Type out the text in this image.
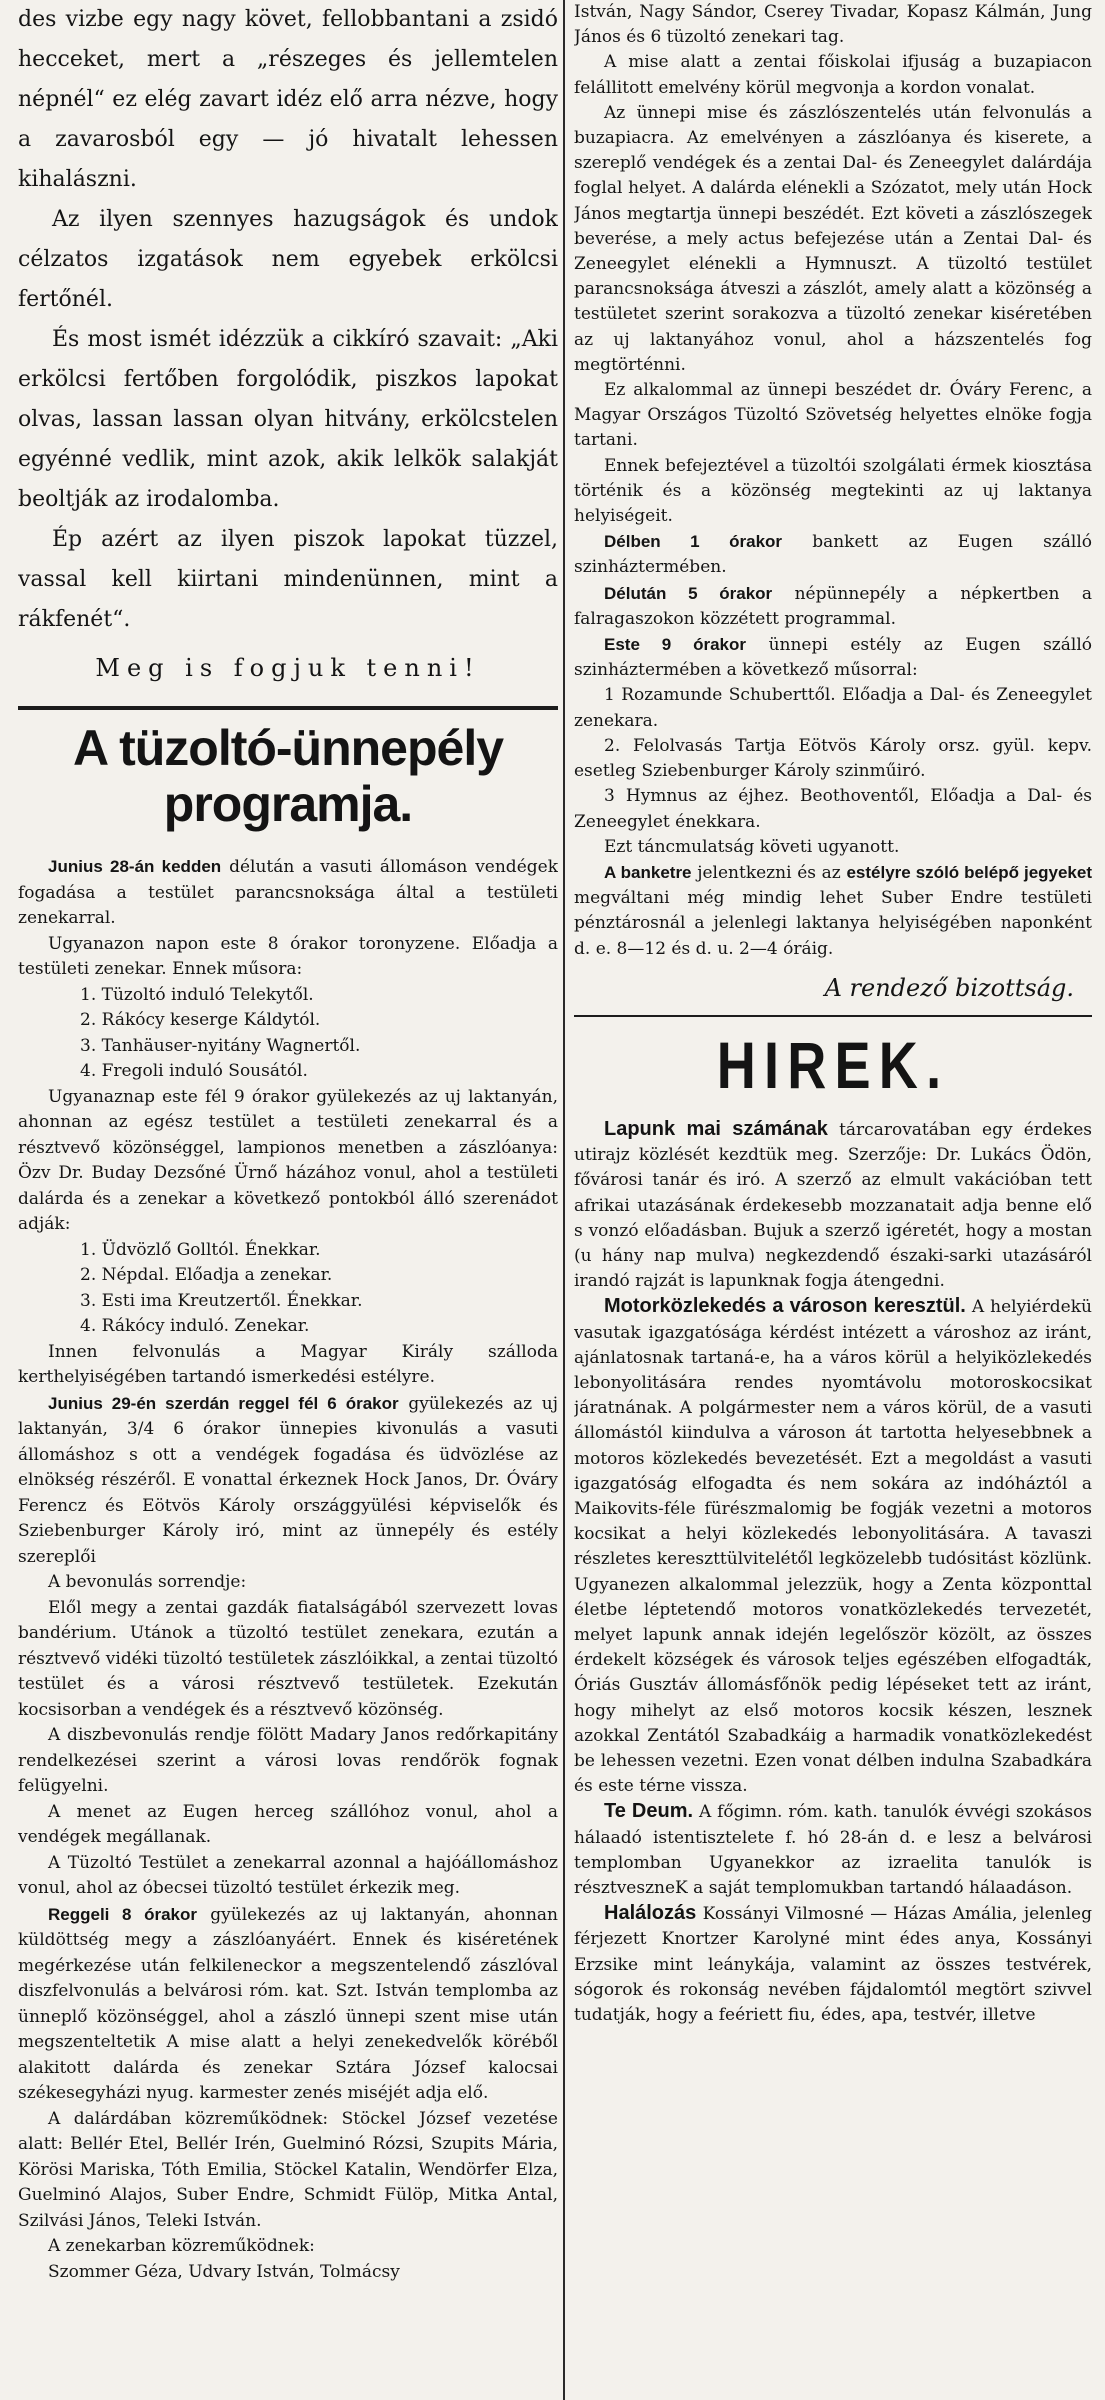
des vizbe egy nagy követ, fellobbantani a zsidó hecceket, mert a „részeges és jellemtelen népnél“ ez elég zavart idéz elő arra nézve, hogy a zavarosból egy — jó hivatalt lehessen kihalászni.

Az ilyen szennyes hazugságok és undok célzatos izgatások nem egyebek erkölcsi fertőnél.

És most ismét idézzük a cikkíró szavait: „Aki erkölcsi fertőben forgolódik, piszkos lapokat olvas, lassan lassan olyan hitvány, erkölcstelen egyénné vedlik, mint azok, akik lelkök salakját beoltják az irodalomba.

Ép azért az ilyen piszok lapokat tüzzel, vassal kell kiirtani mindenünnen, mint a rákfenét“.

Meg is fogjuk tenni!
A tüzoltó-ünnepély programja.

Junius 28-án kedden délután a vasuti állomáson vendégek fogadása a testület parancsnoksága által a testületi zenekarral.

Ugyanazon napon este 8 órakor toronyzene. Előadja a testületi zenekar. Ennek műsora:

1. Tüzoltó induló Telekytől.
2. Rákócy keserge Káldytól.
3. Tanhäuser-nyitány Wagnertől.
4. Fregoli induló Sousától.

Ugyanaznap este fél 9 órakor gyülekezés az uj laktanyán, ahonnan az egész testület a testületi zenekarral és a résztvevő közönséggel, lampionos menetben a zászlóanya: Özv Dr. Buday Dezsőné Ürnő házához vonul, ahol a testületi dalárda és a zenekar a következő pontokból álló szerenádot adják:

1. Üdvözlő Golltól. Énekkar.
2. Népdal. Előadja a zenekar.
3. Esti ima Kreutzertől. Énekkar.
4. Rákócy induló. Zenekar.

Innen felvonulás a Magyar Király szálloda kerthelyiségében tartandó ismerkedési estélyre.

Junius 29-én szerdán reggel fél 6 órakor gyülekezés az uj laktanyán, 3/4 6 órakor ünnepies kivonulás a vasuti állomáshoz s ott a vendégek fogadása és üdvözlése az elnökség részéről. E vonattal érkeznek Hock Janos, Dr. Óváry Ferencz és Eötvös Károly országgyülési képviselők és Sziebenburger Károly iró, mint az ünnepély és estély szereplői

A bevonulás sorrendje:

Elől megy a zentai gazdák fiatalságából szervezett lovas bandérium. Utánok a tüzoltó testület zenekara, ezután a résztvevő vidéki tüzoltó testületek zászlóikkal, a zentai tüzoltó testület és a városi résztvevő testületek. Ezekután kocsisorban a vendégek és a résztvevő közönség.

A diszbevonulás rendje fölött Madary Janos redőrkapitány rendelkezései szerint a városi lovas rendőrök fognak felügyelni.

A menet az Eugen herceg szállóhoz vonul, ahol a vendégek megállanak.

A Tüzoltó Testület a zenekarral azonnal a hajóállomáshoz vonul, ahol az óbecsei tüzoltó testület érkezik meg.

Reggeli 8 órakor gyülekezés az uj laktanyán, ahonnan küldöttség megy a zászlóanyáért. Ennek és kiséretének megérkezése után felkileneckor a megszentelendő zászlóval diszfelvonulás a belvárosi róm. kat. Szt. István templomba az ünneplő közönséggel, ahol a zászló ünnepi szent mise után megszenteltetik A mise alatt a helyi zenekedvelők köréből alakitott dalárda és zenekar Sztára József kalocsai székesegyházi nyug. karmester zenés miséjét adja elő.

A dalárdában közreműködnek: Stöckel József vezetése alatt: Bellér Etel, Bellér Irén, Guelminó Rózsi, Szupits Mária, Körösi Mariska, Tóth Emilia, Stöckel Katalin, Wendörfer Elza, Guelminó Alajos, Suber Endre, Schmidt Fülöp, Mitka Antal, Szilvási János, Teleki István.

A zenekarban közreműködnek:

Szommer Géza, Udvary István, Tolmácsy

István, Nagy Sándor, Cserey Tivadar, Kopasz Kálmán, Jung János és 6 tüzoltó zenekari tag.

A mise alatt a zentai főiskolai ifjuság a buzapiacon felállitott emelvény körül megvonja a kordon vonalat.

Az ünnepi mise és zászlószentelés után felvonulás a buzapiacra. Az emelvényen a zászlóanya és kiserete, a szereplő vendégek és a zentai Dal- és Zeneegylet dalárdája foglal helyet. A dalárda elénekli a Szózatot, mely után Hock János megtartja ünnepi beszédét. Ezt követi a zászlószegek beverése, a mely actus befejezése után a Zentai Dal- és Zeneegylet elénekli a Hymnuszt. A tüzoltó testület parancsnoksága átveszi a zászlót, amely alatt a közönség a testületet szerint sorakozva a tüzoltó zenekar kiséretében az uj laktanyához vonul, ahol a házszentelés fog megtörténni.

Ez alkalommal az ünnepi beszédet dr. Óváry Ferenc, a Magyar Országos Tüzoltó Szövetség helyettes elnöke fogja tartani.

Ennek befejeztével a tüzoltói szolgálati érmek kiosztása történik és a közönség megtekinti az uj laktanya helyiségeit.

Délben 1 órakor bankett az Eugen szálló szinháztermében.

Délután 5 órakor népünnepély a népkertben a falragaszokon közzétett programmal.

Este 9 órakor ünnepi estély az Eugen szálló szinháztermében a következő műsorral:

1 Rozamunde Schuberttől. Előadja a Dal- és Zeneegylet zenekara.

2. Felolvasás Tartja Eötvös Károly orsz. gyül. kepv. esetleg Sziebenburger Károly szinműiró.

3 Hymnus az éjhez. Beothoventől, Előadja a Dal- és Zeneegylet énekkara.

Ezt táncmulatság követi ugyanott.

A banketre jelentkezni és az estélyre szóló belépő jegyeket megváltani még mindig lehet Suber Endre testületi pénztárosnál a jelenlegi laktanya helyiségében naponként d. e. 8—12 és d. u. 2—4 óráig.

A rendező bizottság.
HIREK.

Lapunk mai számának tárcarovatában egy érdekes utirajz közlését kezdtük meg. Szerzője: Dr. Lukács Ödön, fővárosi tanár és iró. A szerző az elmult vakációban tett afrikai utazásának érdekesebb mozzanatait adja benne elő s vonzó előadásban. Bujuk a szerző igéretét, hogy a mostan (u hány nap mulva) negkezdendő északi-sarki utazásáról irandó rajzát is lapunknak fogja átengedni.

Motorközlekedés a városon keresztül. A helyiérdekü vasutak igazgatósága kérdést intézett a városhoz az iránt, ajánlatosnak tartaná-e, ha a város körül a helyiközlekedés lebonyolitására rendes nyomtávolu motoroskocsikat járatnának. A polgármester nem a város körül, de a vasuti állomástól kiindulva a városon át tartotta helyesebbnek a motoros közlekedés bevezetését. Ezt a megoldást a vasuti igazgatóság elfogadta és nem sokára az indóháztól a Maikovits-féle fürészmalomig be fogják vezetni a motoros kocsikat a helyi közlekedés lebonyolitására. A tavaszi részletes kereszttülvitelétől legközelebb tudósitást közlünk. Ugyanezen alkalommal jelezzük, hogy a Zenta központtal életbe léptetendő motoros vonatközlekedés tervezetét, melyet lapunk annak idején legelőször közölt, az összes érdekelt községek és városok teljes egészében elfogadták, Óriás Gusztáv állomásfőnök pedig lépéseket tett az iránt, hogy mihelyt az első motoros kocsik készen, lesznek azokkal Zentától Szabadkáig a harmadik vonatközlekedést be lehessen vezetni. Ezen vonat délben indulna Szabadkára és este térne vissza.

Te Deum. A főgimn. róm. kath. tanulók évvégi szokásos hálaadó istentisztelete f. hó 28-án d. e lesz a belvárosi templomban Ugyanekkor az izraelita tanulók is résztveszneK a saját templomukban tartandó hálaadáson.

Halálozás Kossányi Vilmosné — Házas Amália, jelenleg férjezett Knortzer Karolyné mint édes anya, Kossányi Erzsike mint leánykája, valamint az összes testvérek, sógorok és rokonság nevében fájdalomtól megtört szivvel tudatják, hogy a feériett fiu, édes, apa, testvér, illetve
